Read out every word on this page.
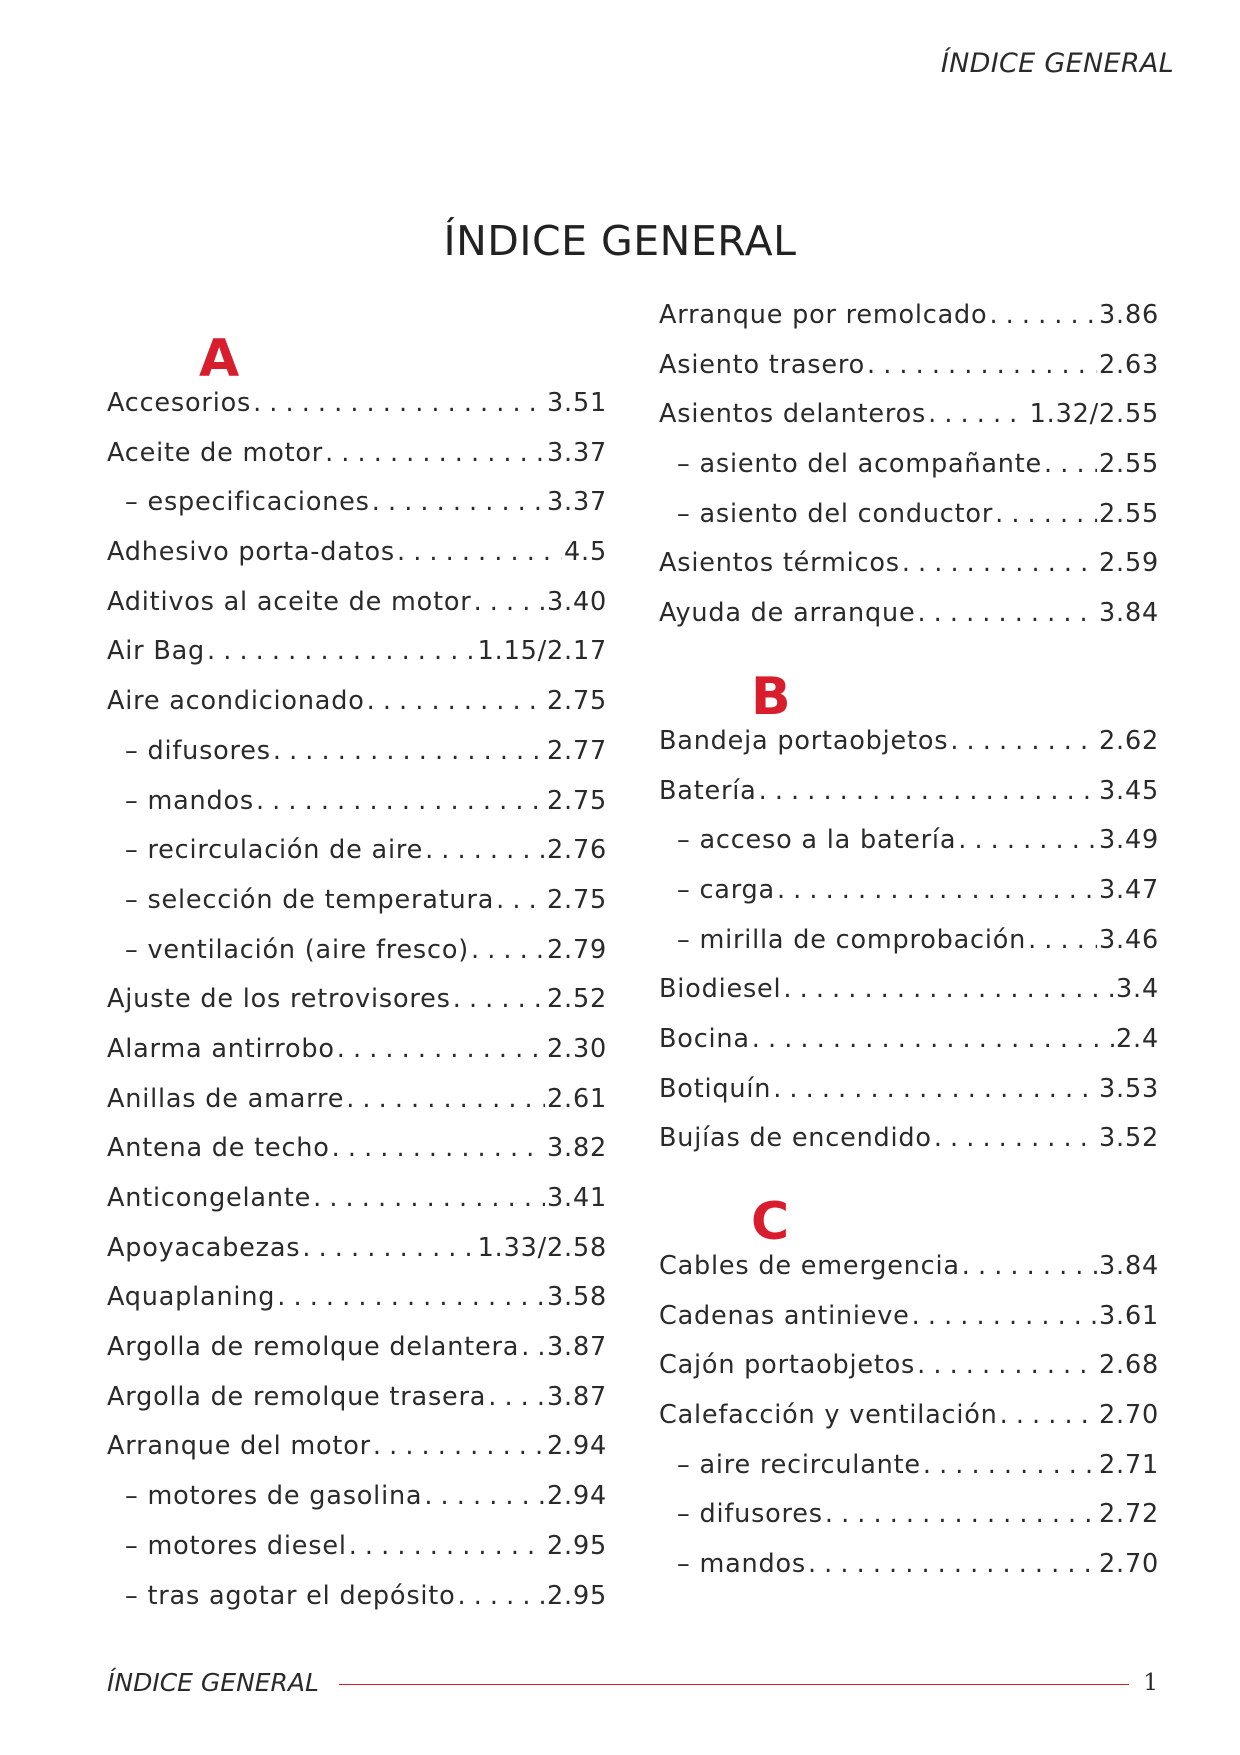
ÍNDICE GENERAL
ÍNDICE GENERAL
A
Accesorios . . .	3.51
Aceite de motor . . .	3.37
– especificaciones . . .	3.37
Adhesivo porta-datos . . .	4.5
Aditivos al aceite de motor . . .	3.40
Air Bag . . .	1.15/2.17
Aire acondicionado . . .	2.75
– difusores . . .	2.77
– mandos . . .	2.75
– recirculación de aire . . .	2.76
– selección de temperatura . . . 2.75
– ventilación (aire fresco) . . .	2.79
Ajuste de los retrovisores . . .	2.52
Alarma antirrobo . . .	2.30
Anillas de amarre . . .	2.61
Antena de techo . . .	3.82
Anticongelante . . .	3.41
Apoyacabezas . . .	1.33/2.58
Aquaplaning . . .	3.58
Argolla de remolque delantera . . . 3.87
Argolla de remolque trasera . . . 3.87
Arranque del motor . . .	2.94
– motores de gasolina . . .	2.94
– motores diesel . . .	2.95
– tras agotar el depósito . . .	2.95
Arranque por remolcado . . .	3.86
Asiento trasero . . .	2.63
Asientos delanteros . . .	1.32/2.55
– asiento del acompañante . . . 2.55
– asiento del conductor . . .	2.55
Asientos térmicos . . .	2.59
Ayuda de arranque . . .	3.84
B
Bandeja portaobjetos . . .	2.62
Batería . . .	3.45
– acceso a la batería . . .	3.49
– carga . . .	3.47
– mirilla de comprobación . . .	3.46
Biodiesel . . .	3.4
Bocina . . .	2.4
Botiquín . . .	3.53
Bujías de encendido . . .	3.52
C
Cables de emergencia . . .	3.84
Cadenas antinieve . . .	3.61
Cajón portaobjetos . . .	2.68
Calefacción y ventilación . . .	2.70
– aire recirculante . . .	2.71
– difusores . . .	2.72
– mandos . . .	2.70
ÍNDICE GENERAL	1
